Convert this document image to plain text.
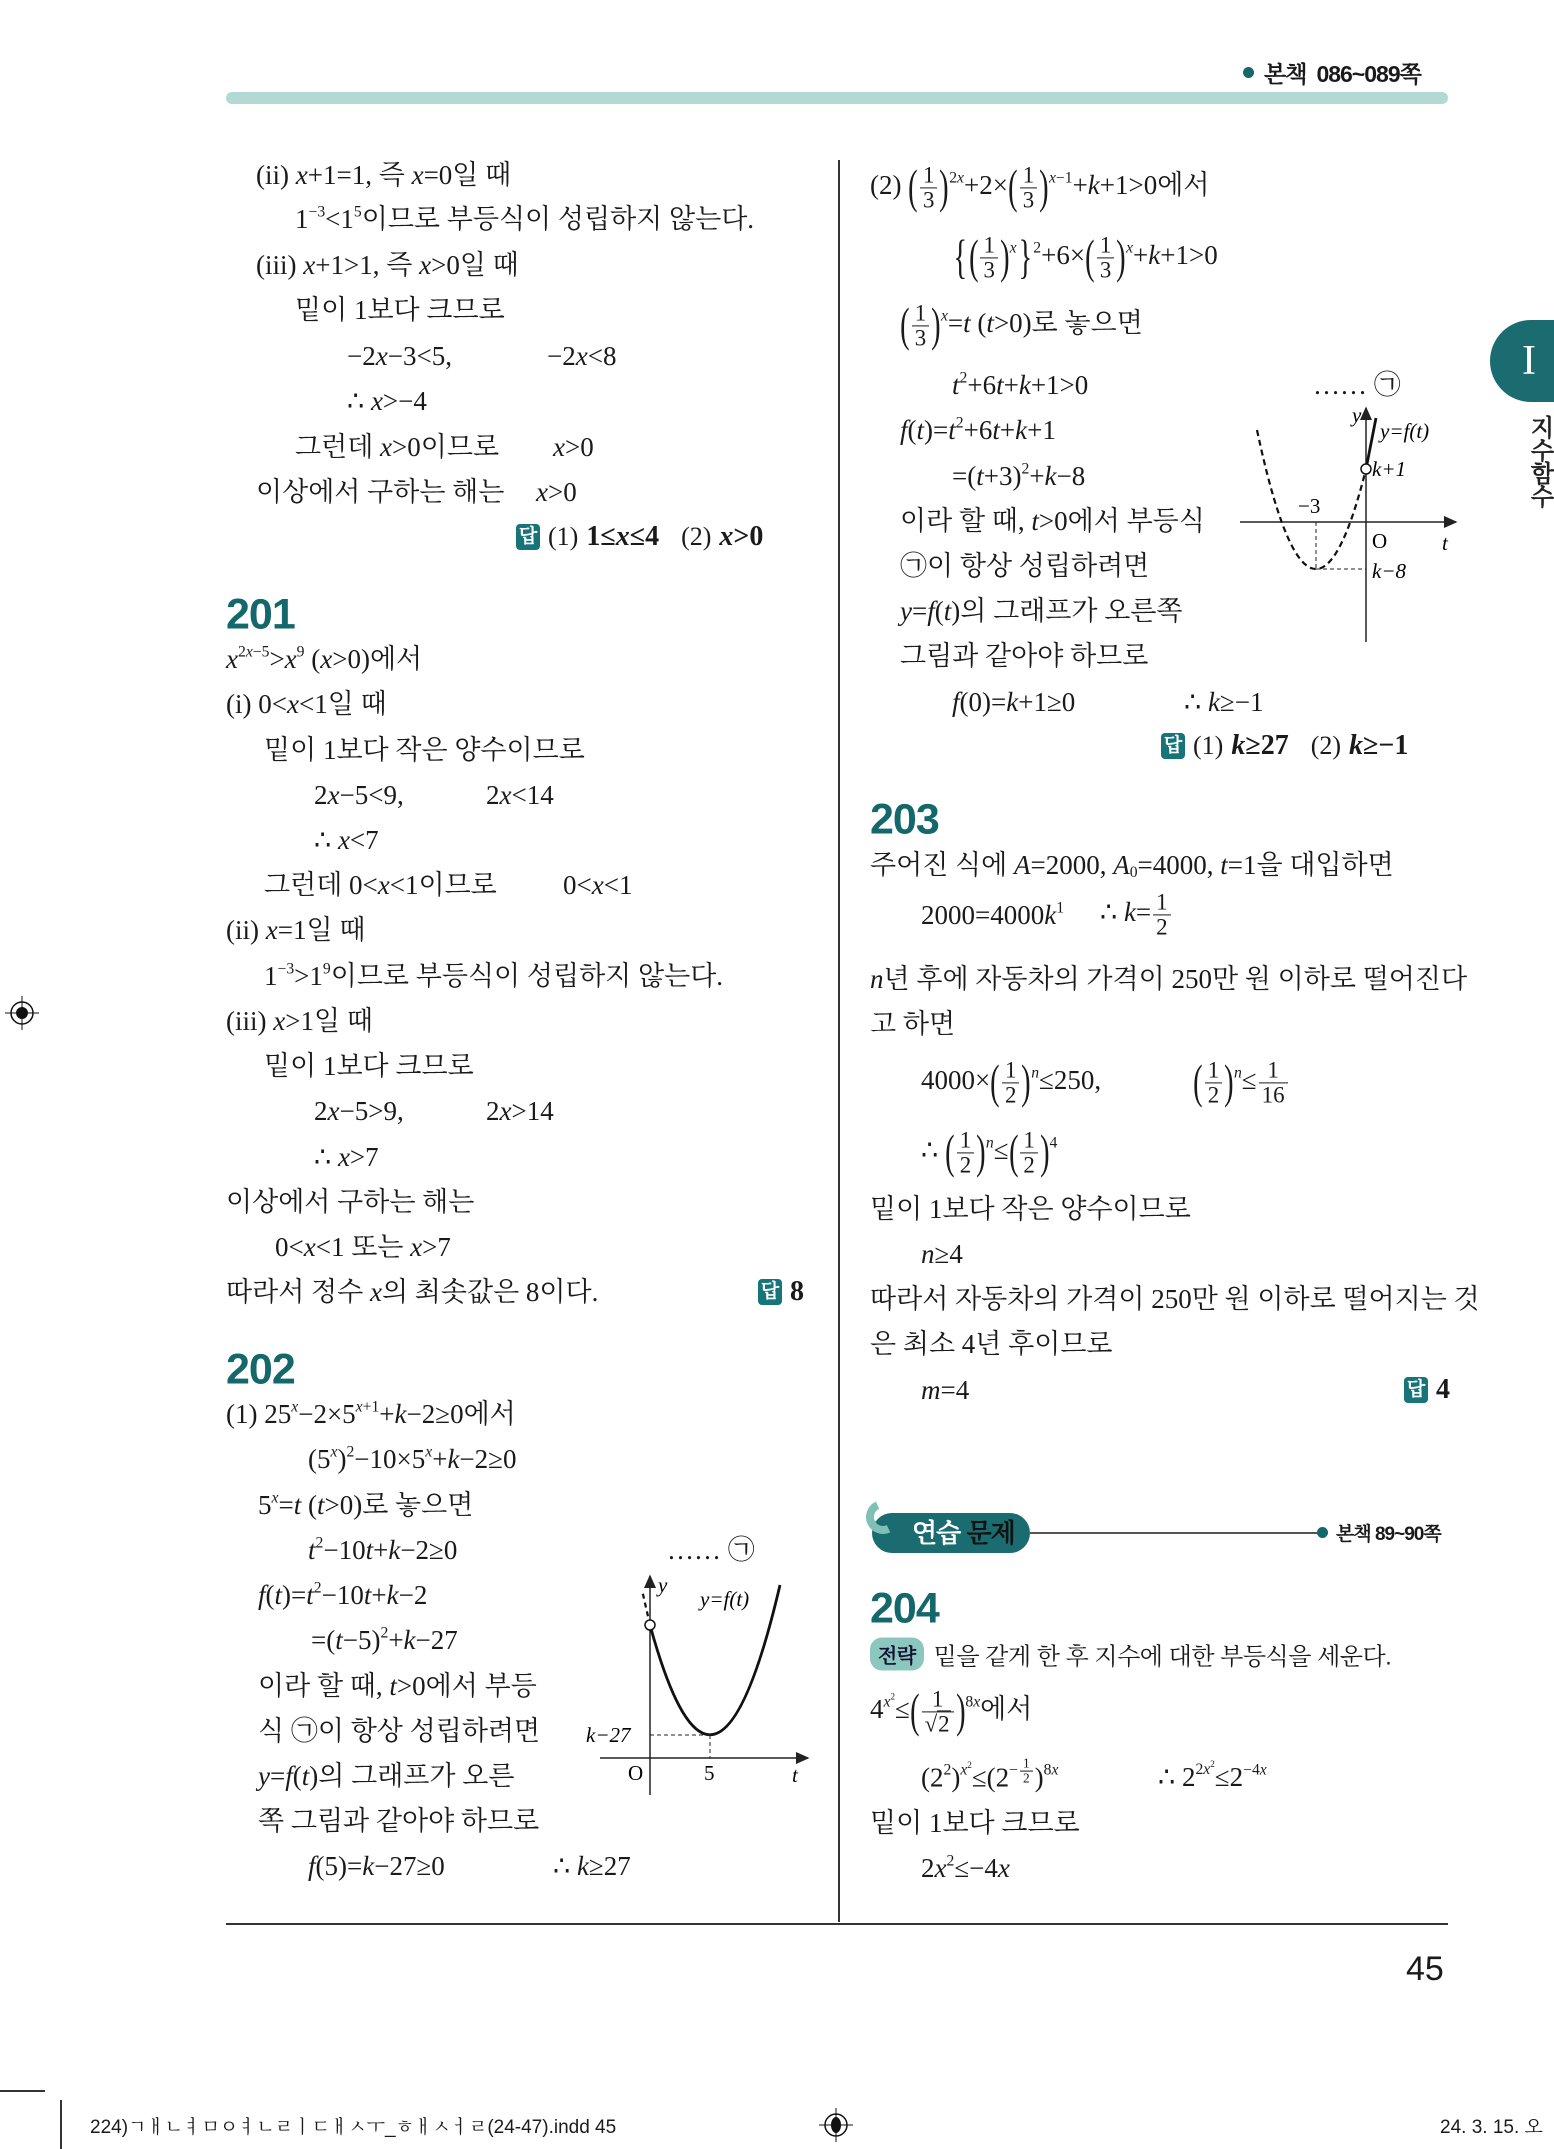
본책 086~089쪽
I
지수함수
(ii) x+1=1, 즉 x=0일 때
$1^{-3}<1^5$이므로 부등식이 성립하지 않는다.
(iii) x+1>1, 즉 x>0일 때
밑이 1보다 크므로
−2x−3<5,	−2x<8
∴ x>−4
그런데 x>0이므로 x>0
이상에서 구하는 해는 x>0
답 (1) 1≤x≤4 (2) x>0
201
$x^{2x-5}>x^9$ (x>0)에서
(i) 0<x<1일 때
밑이 1보다 작은 양수이므로
2x−5<9,	2x<14
∴ x<7
그런데 0<x<1이므로 0<x<1
(ii) x=1일 때
$1^{-3}>1^9$이므로 부등식이 성립하지 않는다.
(iii) x>1일 때
밑이 1보다 크므로
2x−5>9,	2x>14
∴ x>7
이상에서 구하는 해는
0<x<1 또는 x>7
따라서 정수 x의 최솟값은 8이다.	답 8
202
(1) $25^x-2\times 5^{x+1}+k-2\ge 0$에서
$(5^x)^2-10\times 5^x+k-2\ge 0$
$5^x=t$ (t>0)로 놓으면
$t^2-10t+k-2\ge 0$	…… ㉠
$f(t)=t^2-10t+k-2$
$=(t-5)^2+k-27$
이라 할 때, t>0에서 부등
식 ㉠이 항상 성립하려면
y=f(t)의 그래프가 오른
쪽 그림과 같아야 하므로
f(5)=k−27≥0	∴ k≥27
y
y=f(t)
k−27
O	5	t
(2) ( $\frac{1}{3} )^{2x}+2\times( \frac{1}{3} )^{x-1}+k+1>0$에서
{( $\frac{1}{3} )^x\}^2+6\times( \frac{1}{3} )^x+k+1>0$
( $\frac{1}{3} )^x=t$ (t>0)로 놓으면
$t^2+6t+k+1>0$	…… ㉠
$f(t)=t^2+6t+k+1$
$=(t+3)^2+k-8$
이라 할 때, t>0에서 부등식
㉠이 항상 성립하려면
y=f(t)의 그래프가 오른쪽
그림과 같아야 하므로
f(0)=k+1≥0	∴ k≥−1
답 (1) k≥27 (2) k≥−1
y
y=f(t)
k+1
−3
O	t
k−8
203
주어진 식에 A=2000, $A_0=4000$, t=1을 대입하면
$2000=4000k^1$ ∴ $k= \frac{1}{2}$
n년 후에 자동차의 가격이 250만 원 이하로 떨어진다
고 하면
$4000\times( \frac{1}{2} )^n\le 250$, ( $\frac{1}{2} )^n\le \frac{1}{16}$
∴ ( $\frac{1}{2} )^n\le( \frac{1}{2} )^4$
밑이 1보다 작은 양수이므로
n≥4
따라서 자동차의 가격이 250만 원 이하로 떨어지는 것
은 최소 4년 후이므로
m=4	답 4
연습 문제	본책 89~90쪽
204
전략 밑을 같게 한 후 지수에 대한 부등식을 세운다.
$4^{x^2}\le( \frac{1}{√2} )^{8x}$에서
$(2^2)^{x^2}\le(2^{- \frac{1}{2}}$ )$^{8x}$	∴ $2^{2x^2}\le 2^{-4x}$
밑이 1보다 크므로
$2x^2\le-4x$
45
224)ㄱㅐㄴㅕㅁㅇㅕㄴㄹㅣㄷㅐㅅㅜ_ㅎㅐㅅㅓㄹ(24-47).indd 45	24. 3. 15. 오
